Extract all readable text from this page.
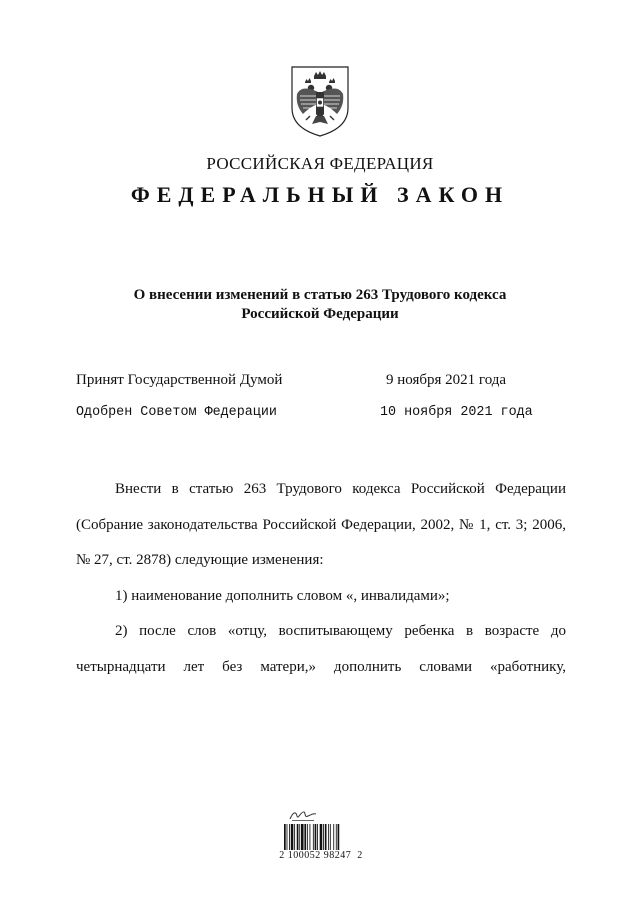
РОССИЙСКАЯ ФЕДЕРАЦИЯ
ФЕДЕРАЛЬНЫЙ ЗАКОН
О внесении изменений в статью 263 Трудового кодекса
Российской Федерации
Принят Государственной Думой	9 ноября 2021 года
Одобрен Советом Федерации	10 ноября 2021 года

Внести в статью 263 Трудового кодекса Российской Федерации (Собрание законодательства Российской Федерации, 2002, № 1, ст. 3; 2006, № 27, ст. 2878) следующие изменения:

1) наименование дополнить словом «, инвалидами»;

2) после слов «отцу, воспитывающему ребенка в возрасте до четырнадцати лет без матери,» дополнить словами «работнику,

2 100052 98247  2
